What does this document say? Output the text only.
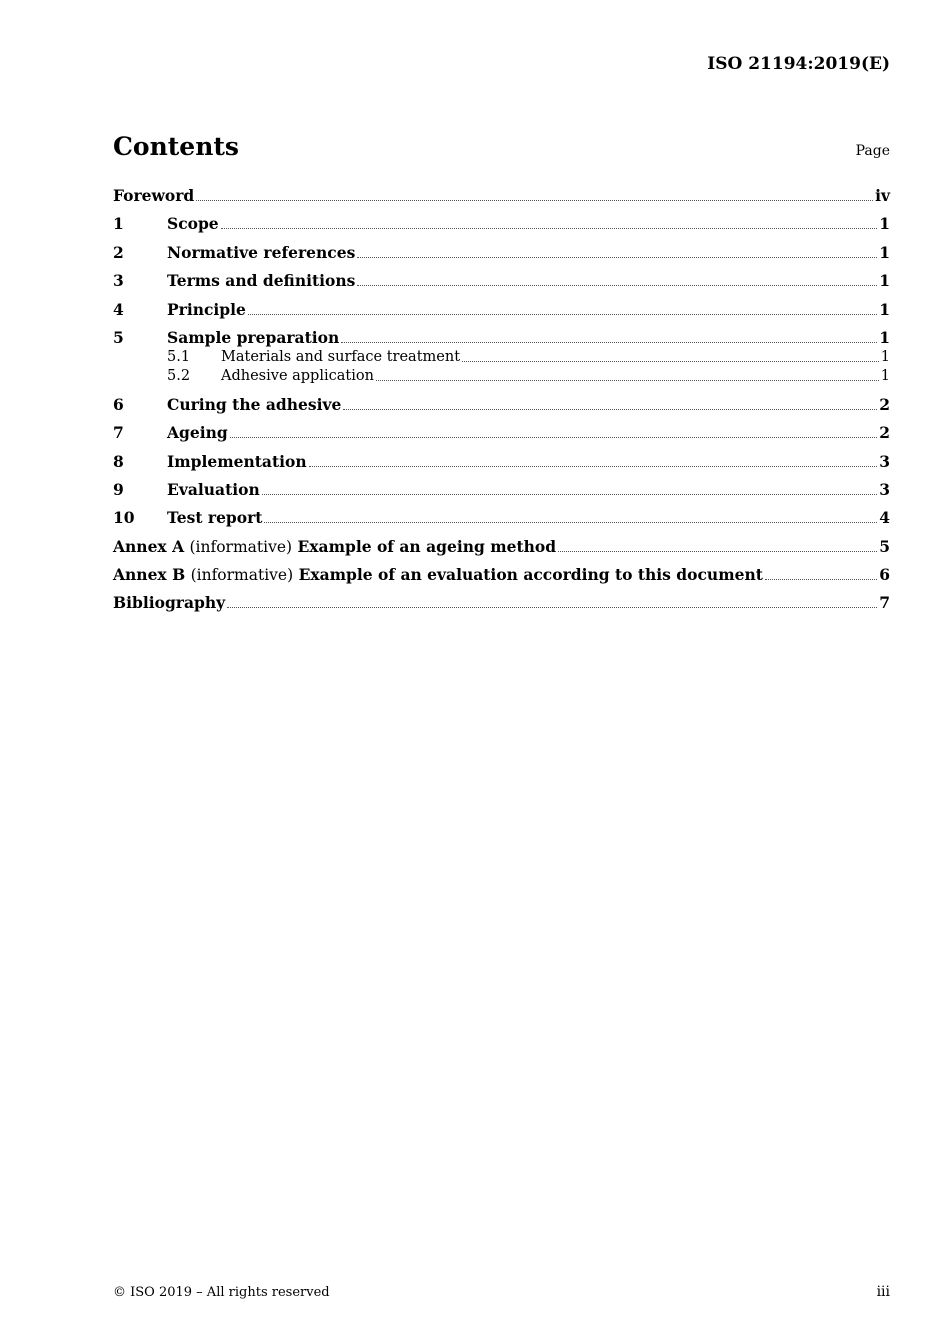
ISO 21194:2019(E)
Contents	Page
Foreword	iv
1	Scope	1
2	Normative references	1
3	Terms and definitions	1
4	Principle	1
5	Sample preparation	1
5.1	Materials and surface treatment	1
5.2	Adhesive application	1
6	Curing the adhesive	2
7	Ageing	2
8	Implementation	3
9	Evaluation	3
10	Test report	4
Annex A (informative) Example of an ageing method	5
Annex B (informative) Example of an evaluation according to this document	6
Bibliography	7
© ISO 2019 – All rights reserved	iii
